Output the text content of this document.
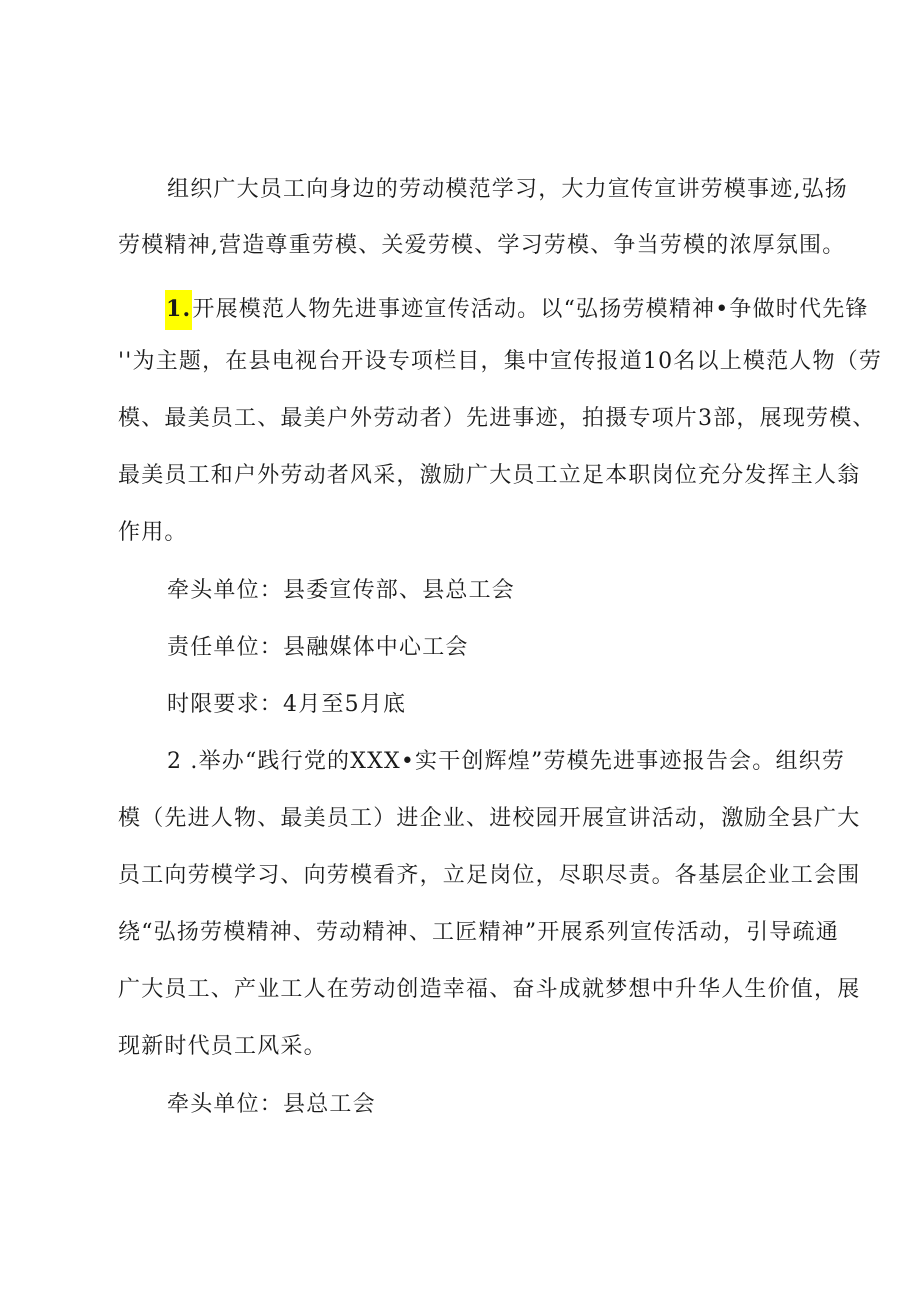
组织广大员工向身边的劳动模范学习，大力宣传宣讲劳模事迹,弘扬
劳模精神,营造尊重劳模、关爱劳模、学习劳模、争当劳模的浓厚氛围。
1.开展模范人物先进事迹宣传活动。以“弘扬劳模精神•争做时代先锋
''为主题，在县电视台开设专项栏目，集中宣传报道10名以上模范人物（劳
模、最美员工、最美户外劳动者）先进事迹，拍摄专项片3部，展现劳模、
最美员工和户外劳动者风采，激励广大员工立足本职岗位充分发挥主人翁
作用。
牵头单位：县委宣传部、县总工会
责任单位：县融媒体中心工会
时限要求：4月至5月底
2 .举办“践行党的XXX•实干创辉煌”劳模先进事迹报告会。组织劳
模（先进人物、最美员工）进企业、进校园开展宣讲活动，激励全县广大
员工向劳模学习、向劳模看齐，立足岗位，尽职尽责。各基层企业工会围
绕“弘扬劳模精神、劳动精神、工匠精神”开展系列宣传活动，引导疏通
广大员工、产业工人在劳动创造幸福、奋斗成就梦想中升华人生价值，展
现新时代员工风采。
牵头单位：县总工会
